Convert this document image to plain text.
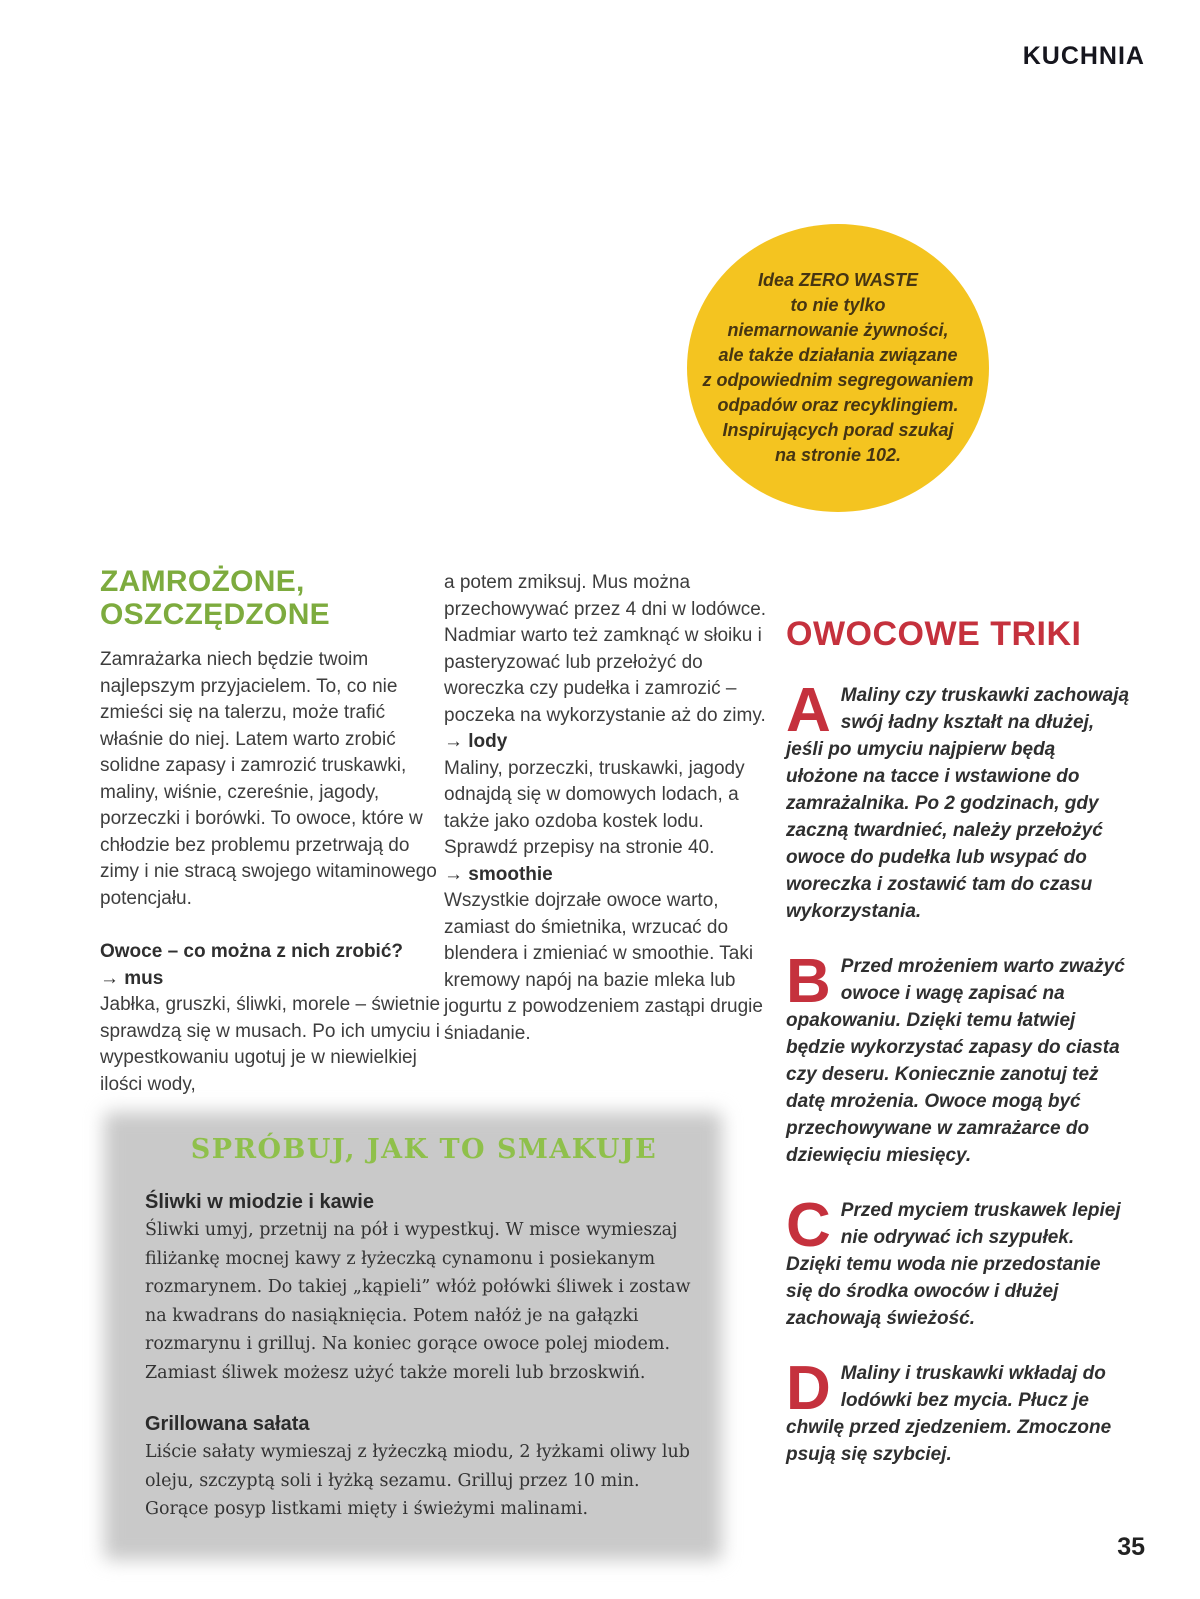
KUCHNIA
Idea ZERO WASTE
to nie tylko
niemarnowanie żywności,
ale także działania związane
z odpowiednim segregowaniem
odpadów oraz recyklingiem.
Inspirujących porad szukaj
na stronie 102.
ZAMROŻONE,
OSZCZĘDZONE

Zamrażarka niech będzie twoim najlepszym przyjacielem. To, co nie zmieści się na talerzu, może trafić właśnie do niej. Latem warto zrobić solidne zapasy i zamrozić truskawki, maliny, wiśnie, czereśnie, jagody, porzeczki i borówki. To owoce, które w chłodzie bez problemu przetrwają do zimy i nie stracą swojego witaminowego potencjału.

Owoce – co można z nich zrobić?

→ mus

Jabłka, gruszki, śliwki, morele – świetnie sprawdzą się w musach. Po ich umyciu i wypestkowaniu ugotuj je w niewielkiej ilości wody,

a potem zmiksuj. Mus można przechowywać przez 4 dni w lodówce. Nadmiar warto też zamknąć w słoiku i pasteryzować lub przełożyć do woreczka czy pudełka i zamrozić – poczeka na wykorzystanie aż do zimy.

→ lody

Maliny, porzeczki, truskawki, jagody odnajdą się w domowych lodach, a także jako ozdoba kostek lodu. Sprawdź przepisy na stronie 40.

→ smoothie

Wszystkie dojrzałe owoce warto, zamiast do śmietnika, wrzucać do blendera i zmieniać w smoothie. Taki kremowy napój na bazie mleka lub jogurtu z powodzeniem zastąpi drugie śniadanie.

OWOCOWE TRIKI

A Maliny czy truskawki zachowają swój ładny kształt na dłużej, jeśli po umyciu najpierw będą ułożone na tacce i wstawione do zamrażalnika. Po 2 godzinach, gdy zaczną twardnieć, należy przełożyć owoce do pudełka lub wsypać do woreczka i zostawić tam do czasu wykorzystania.

B Przed mrożeniem warto zważyć owoce i wagę zapisać na opakowaniu. Dzięki temu łatwiej będzie wykorzystać zapasy do ciasta czy deseru. Koniecznie zanotuj też datę mrożenia. Owoce mogą być przechowywane w zamrażarce do dziewięciu miesięcy.

C Przed myciem truskawek lepiej nie odrywać ich szypułek. Dzięki temu woda nie przedostanie się do środka owoców i dłużej zachowają świeżość.

D Maliny i truskawki wkładaj do lodówki bez mycia. Płucz je chwilę przed zjedzeniem. Zmoczone psują się szybciej.

SPRÓBUJ, JAK TO SMAKUJE

Śliwki w miodzie i kawie

Śliwki umyj, przetnij na pół i wypestkuj. W misce wymieszaj filiżankę mocnej kawy z łyżeczką cynamonu i posiekanym rozmarynem. Do takiej „kąpieli” włóż połówki śliwek i zostaw na kwadrans do nasiąknięcia. Potem nałóż je na gałązki rozmarynu i grilluj. Na koniec gorące owoce polej miodem. Zamiast śliwek możesz użyć także moreli lub brzoskwiń.

Grillowana sałata

Liście sałaty wymieszaj z łyżeczką miodu, 2 łyżkami oliwy lub oleju, szczyptą soli i łyżką sezamu. Grilluj przez 10 min. Gorące posyp listkami mięty i świeżymi malinami.

35
